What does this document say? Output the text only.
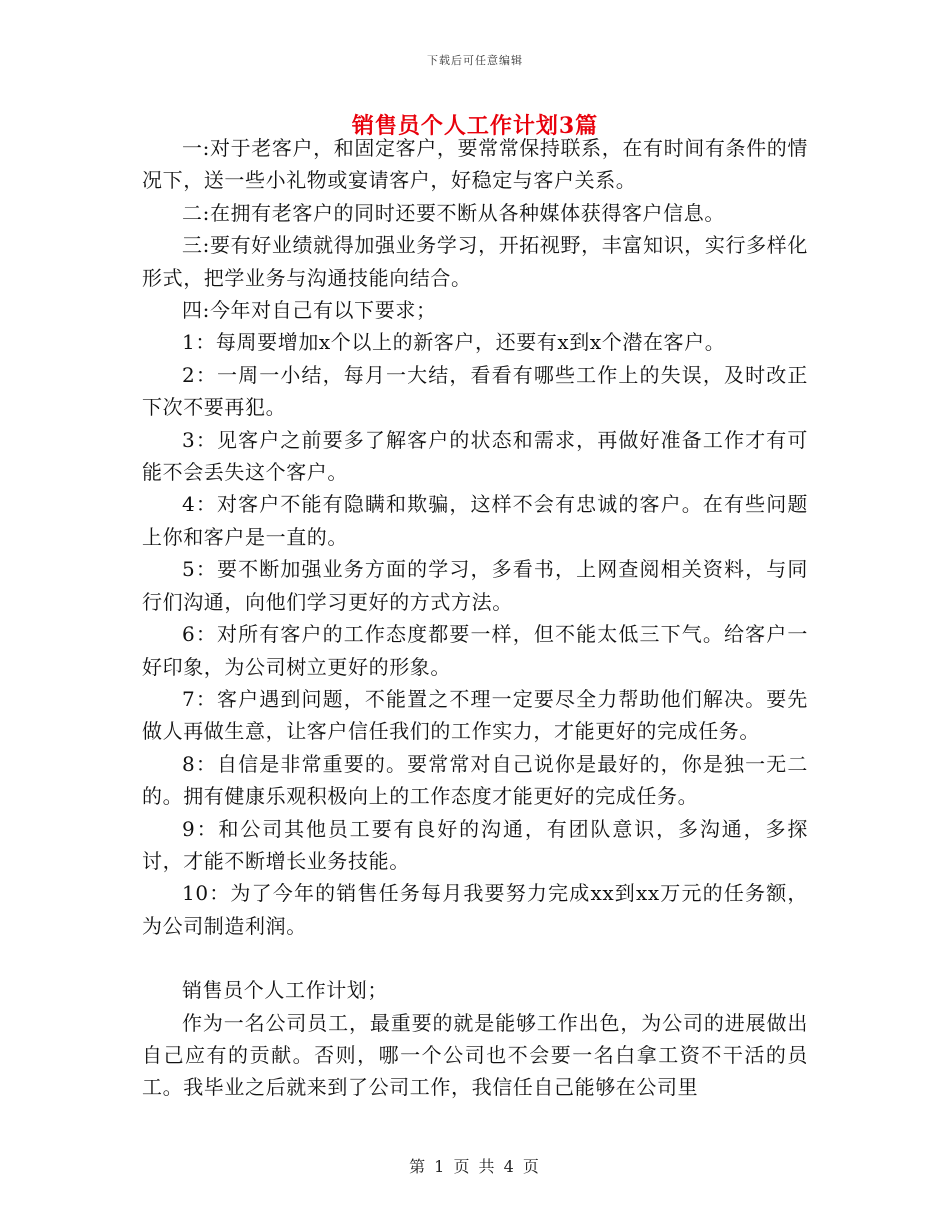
下载后可任意编辑
销售员个人工作计划3篇

一:对于老客户，和固定客户，要常常保持联系，在有时间有条件的情况下，送一些小礼物或宴请客户，好稳定与客户关系。

二:在拥有老客户的同时还要不断从各种媒体获得客户信息。

三:要有好业绩就得加强业务学习，开拓视野，丰富知识，实行多样化形式，把学业务与沟通技能向结合。

四:今年对自己有以下要求；

1：每周要增加x个以上的新客户，还要有x到x个潜在客户。

2：一周一小结，每月一大结，看看有哪些工作上的失误，及时改正下次不要再犯。

3：见客户之前要多了解客户的状态和需求，再做好准备工作才有可能不会丢失这个客户。

4：对客户不能有隐瞒和欺骗，这样不会有忠诚的客户。在有些问题上你和客户是一直的。

5：要不断加强业务方面的学习，多看书，上网查阅相关资料，与同行们沟通，向他们学习更好的方式方法。

6：对所有客户的工作态度都要一样，但不能太低三下气。给客户一好印象，为公司树立更好的形象。

7：客户遇到问题，不能置之不理一定要尽全力帮助他们解决。要先做人再做生意，让客户信任我们的工作实力，才能更好的完成任务。

8：自信是非常重要的。要常常对自己说你是最好的，你是独一无二的。拥有健康乐观积极向上的工作态度才能更好的完成任务。

9：和公司其他员工要有良好的沟通，有团队意识，多沟通，多探讨，才能不断增长业务技能。

10：为了今年的销售任务每月我要努力完成xx到xx万元的任务额，为公司制造利润。

销售员个人工作计划；

作为一名公司员工，最重要的就是能够工作出色，为公司的进展做出自己应有的贡献。否则，哪一个公司也不会要一名白拿工资不干活的员工。我毕业之后就来到了公司工作，我信任自己能够在公司里

第 1 页 共 4 页
